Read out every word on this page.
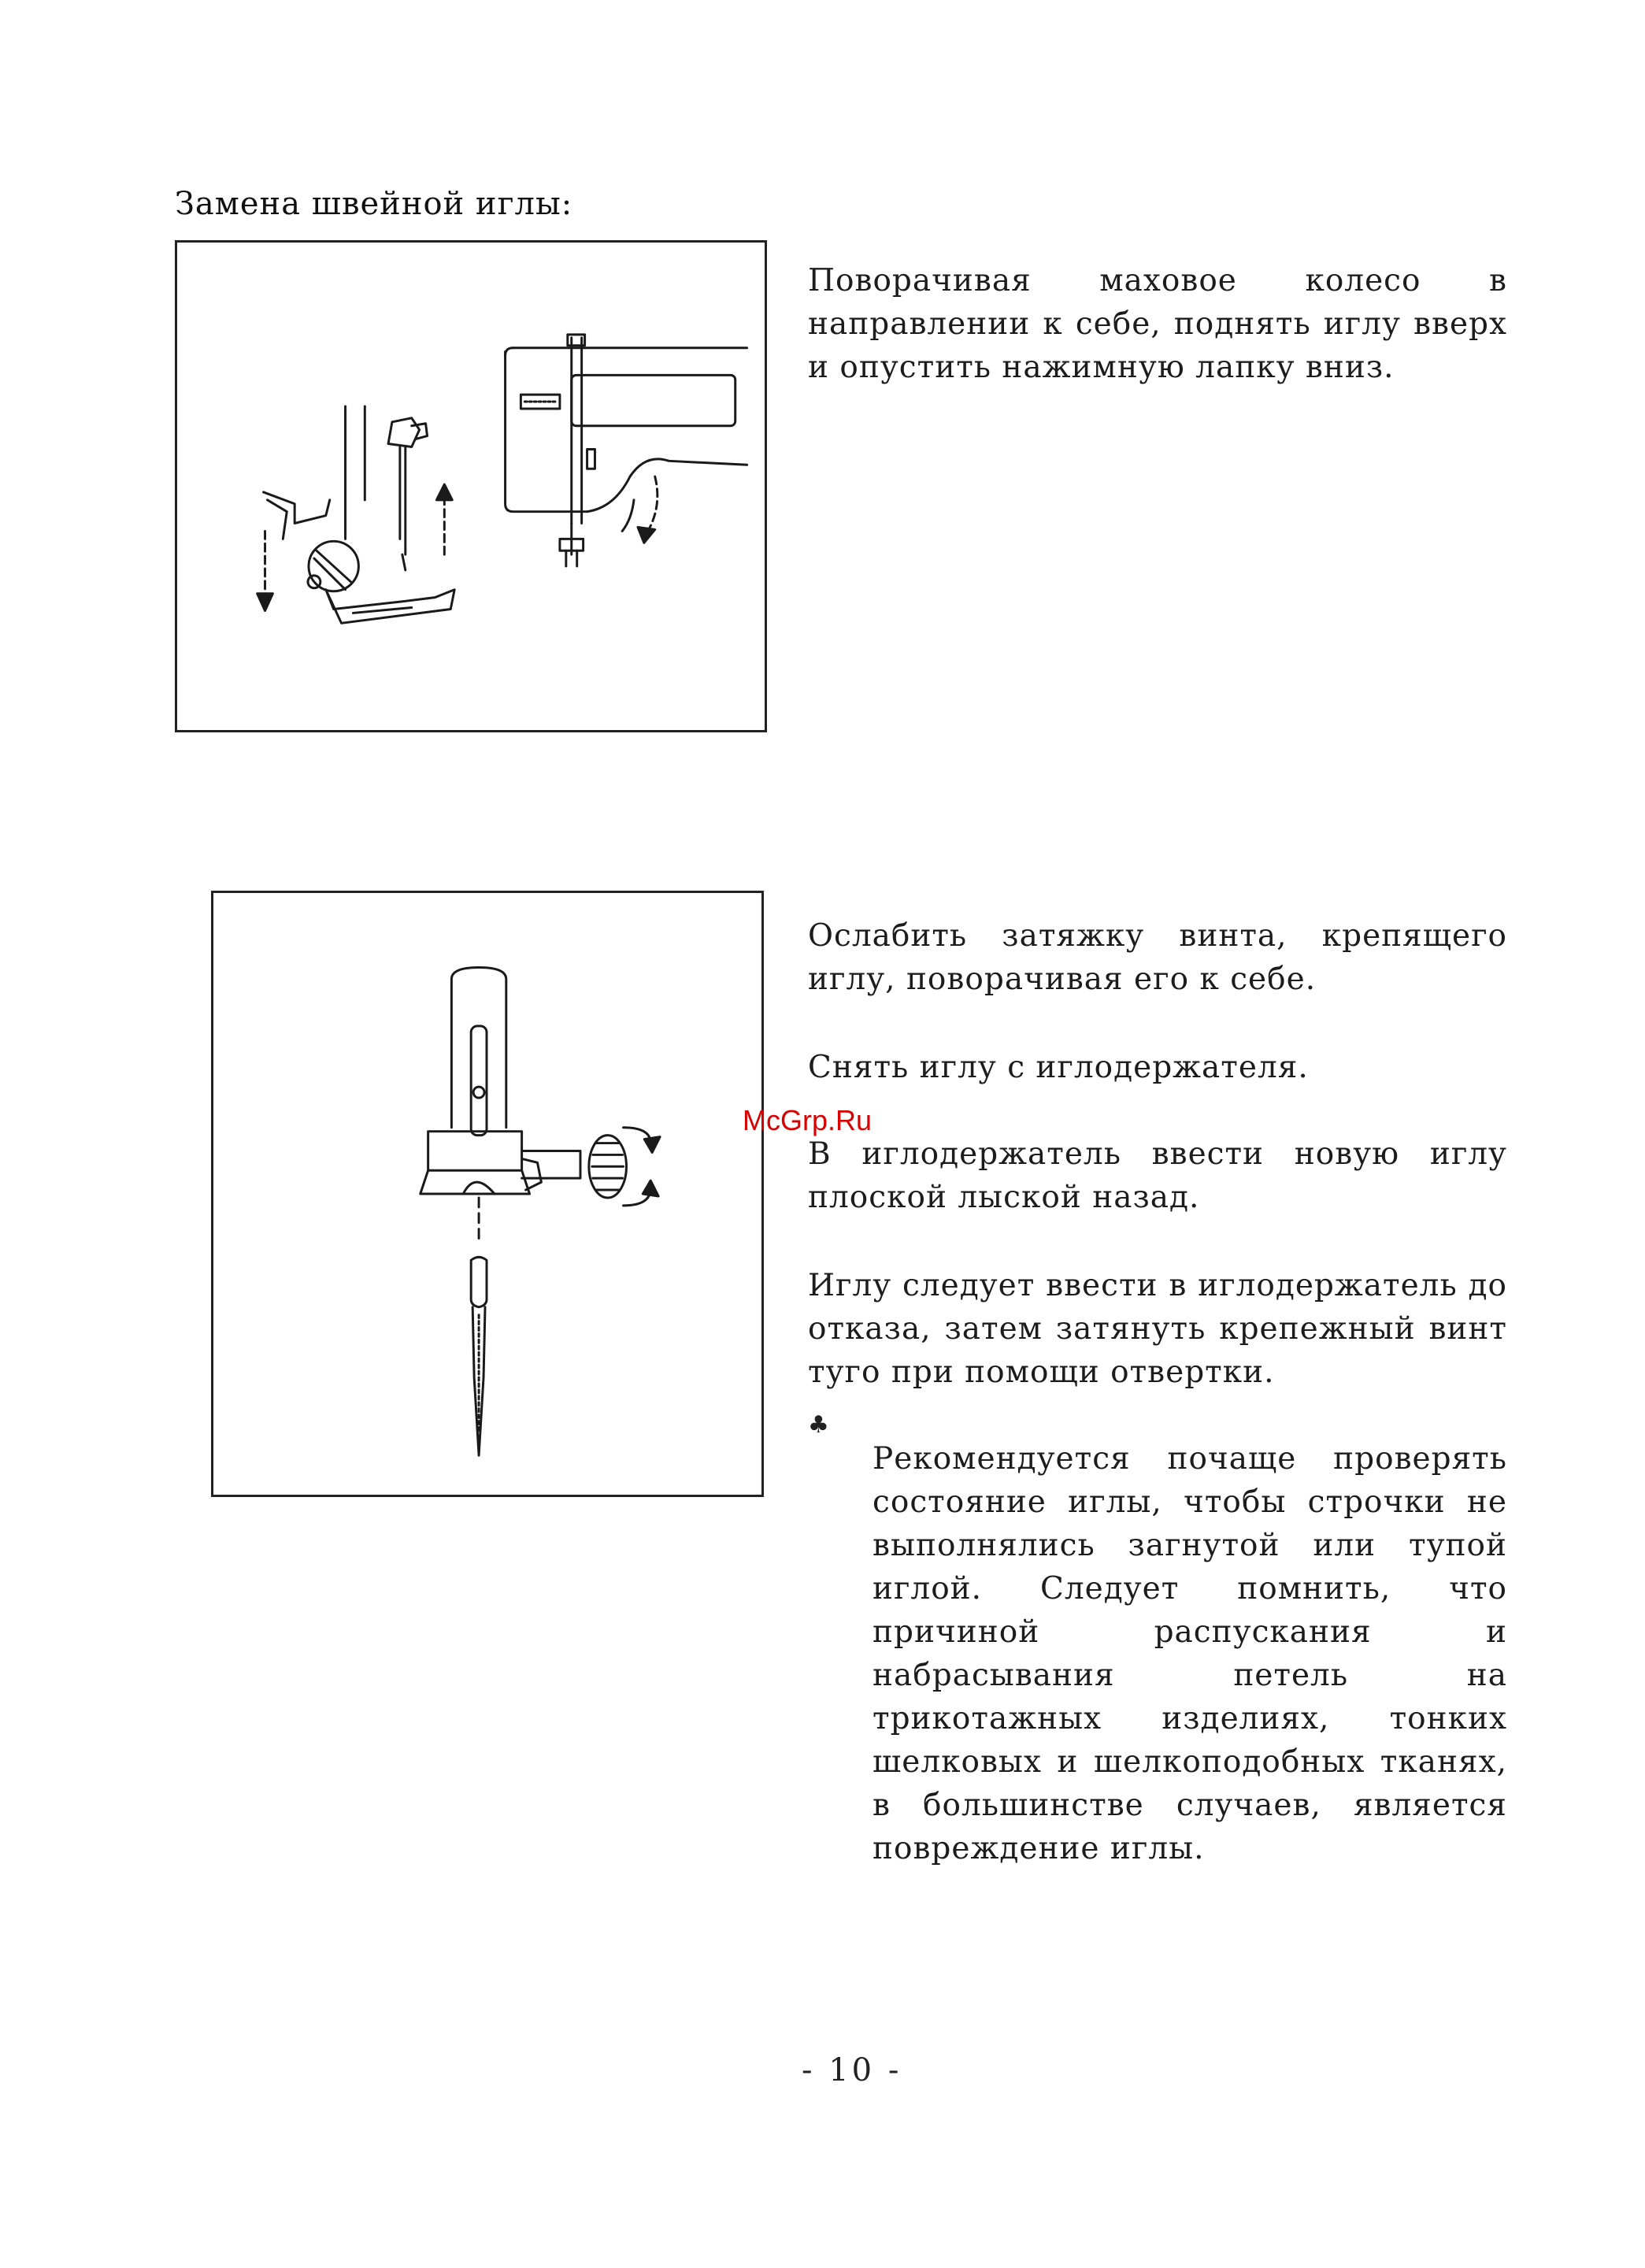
Замена швейной иглы:

Поворачивая маховое колесо в направлении к себе, поднять иглу вверх и опустить нажимную лапку вниз.

Ослабить затяжку винта, крепящего иглу, поворачивая его к себе.

Снять иглу с иглодержателя.

В иглодержатель ввести новую иглу плоской лыской назад.

Иглу следует ввести в иглодержатель до отказа, затем затянуть крепежный винт туго при помощи отвертки.

♣

Рекомендуется почаще проверять состояние иглы, чтобы строчки не выполнялись загнутой или тупой иглой. Следует помнить, что причиной распускания и набрасывания петель на трикотажных изделиях, тонких шелковых и шелкоподобных тканях, в большинстве случаев, является повреждение иглы.

McGrp.Ru
- 10 -
